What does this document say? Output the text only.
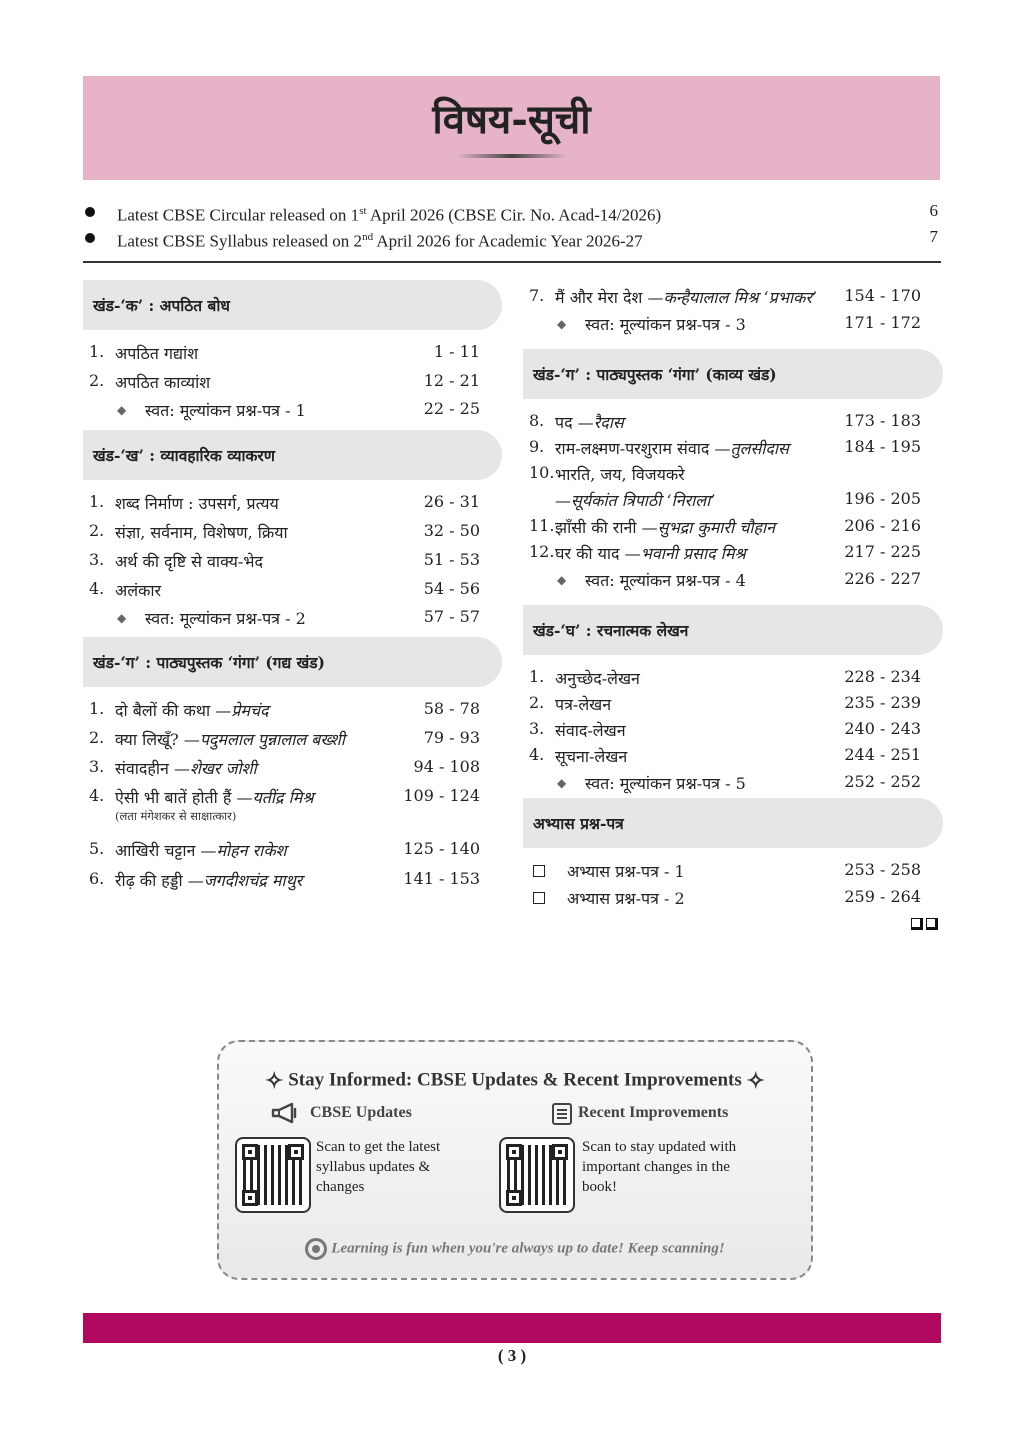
विषय-सूची
Latest CBSE Circular released on 1st April 2026 (CBSE Cir. No. Acad-14/2026)	6
Latest CBSE Syllabus released on 2nd April 2026 for Academic Year 2026-27	7
खंड-‘क’ : अपठित बोध
1. अपठित गद्यांश	1 - 11
2. अपठित काव्यांश	12 - 21
◆ स्वत: मूल्यांकन प्रश्न-पत्र - 1	22 - 25
खंड-‘ख’ : व्यावहारिक व्याकरण
1. शब्द निर्माण : उपसर्ग, प्रत्यय	26 - 31
2. संज्ञा, सर्वनाम, विशेषण, क्रिया	32 - 50
3. अर्थ की दृष्टि से वाक्य-भेद	51 - 53
4. अलंकार	54 - 56
◆ स्वत: मूल्यांकन प्रश्न-पत्र - 2	57 - 57
खंड-‘ग’ : पाठ्यपुस्तक ‘गंगा’ (गद्य खंड)
1. दो बैलों की कथा —प्रेमचंद	58 - 78
2. क्या लिखूँ? —पदुमलाल पुन्नालाल बख्शी	79 - 93
3. संवादहीन —शेखर जोशी	94 - 108
4. ऐसी भी बातें होती हैं —यतींद्र मिश्र	109 - 124
(लता मंगेशकर से साक्षात्कार)
5. आखिरी चट्टान —मोहन राकेश	125 - 140
6. रीढ़ की हड्डी —जगदीशचंद्र माथुर	141 - 153
7. मैं और मेरा देश —कन्हैयालाल मिश्र ‘प्रभाकर’ 154 - 170
◆ स्वत: मूल्यांकन प्रश्न-पत्र - 3	171 - 172
खंड-‘ग’ : पाठ्यपुस्तक ‘गंगा’ (काव्य खंड)
8. पद —रैदास	173 - 183
9. राम-लक्ष्मण-परशुराम संवाद —तुलसीदास	184 - 195
10. भारति, जय, विजयकरे
—सूर्यकांत त्रिपाठी ‘निराला’	196 - 205
11. झाँसी की रानी —सुभद्रा कुमारी चौहान	206 - 216
12. घर की याद —भवानी प्रसाद मिश्र	217 - 225
◆ स्वत: मूल्यांकन प्रश्न-पत्र - 4	226 - 227
खंड-‘घ’ : रचनात्मक लेखन
1. अनुच्छेद-लेखन	228 - 234
2. पत्र-लेखन	235 - 239
3. संवाद-लेखन	240 - 243
4. सूचना-लेखन	244 - 251
◆ स्वत: मूल्यांकन प्रश्न-पत्र - 5	252 - 252
अभ्यास प्रश्न-पत्र
अभ्यास प्रश्न-पत्र - 1	253 - 258
अभ्यास प्रश्न-पत्र - 2	259 - 264
✧ Stay Informed: CBSE Updates & Recent Improvements ✧
CBSE Updates	Recent Improvements
Scan to get the latest syllabus updates & changes
Scan to stay updated with important changes in the book!
Learning is fun when you're always up to date! Keep scanning!
( 3 )
